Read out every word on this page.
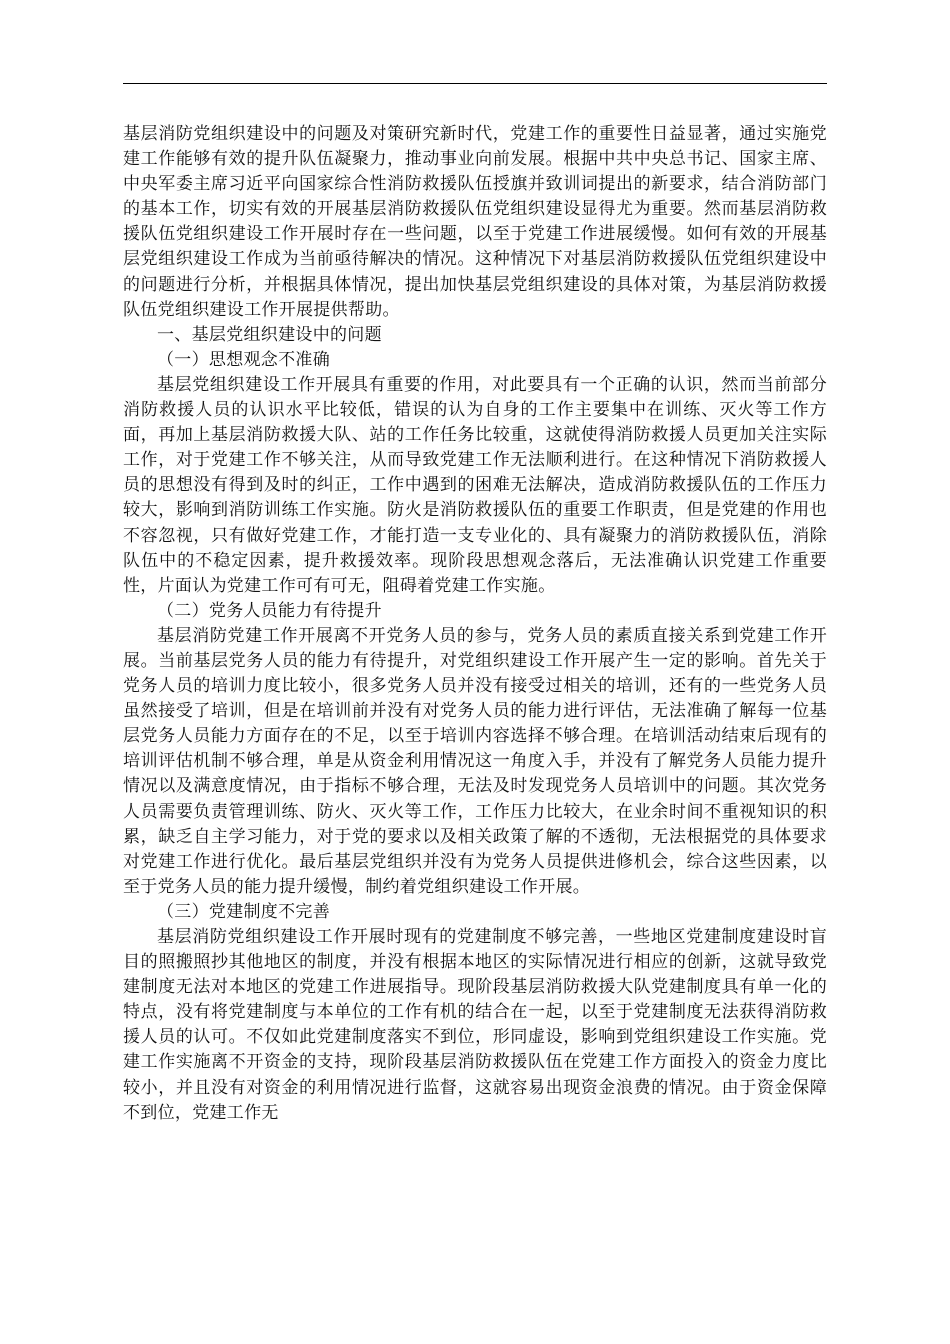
基层消防党组织建设中的问题及对策研究新时代，党建工作的重要性日益显著，通过实施党建工作能够有效的提升队伍凝聚力，推动事业向前发展。根据中共中央总书记、国家主席、中央军委主席习近平向国家综合性消防救援队伍授旗并致训词提出的新要求，结合消防部门的基本工作，切实有效的开展基层消防救援队伍党组织建设显得尤为重要。然而基层消防救援队伍党组织建设工作开展时存在一些问题，以至于党建工作进展缓慢。如何有效的开展基层党组织建设工作成为当前亟待解决的情况。这种情况下对基层消防救援队伍党组织建设中的问题进行分析，并根据具体情况，提出加快基层党组织建设的具体对策，为基层消防救援队伍党组织建设工作开展提供帮助。

一、基层党组织建设中的问题

（一）思想观念不准确

基层党组织建设工作开展具有重要的作用，对此要具有一个正确的认识，然而当前部分消防救援人员的认识水平比较低，错误的认为自身的工作主要集中在训练、灭火等工作方面，再加上基层消防救援大队、站的工作任务比较重，这就使得消防救援人员更加关注实际工作，对于党建工作不够关注，从而导致党建工作无法顺利进行。在这种情况下消防救援人员的思想没有得到及时的纠正，工作中遇到的困难无法解决，造成消防救援队伍的工作压力较大，影响到消防训练工作实施。防火是消防救援队伍的重要工作职责，但是党建的作用也不容忽视，只有做好党建工作，才能打造一支专业化的、具有凝聚力的消防救援队伍，消除队伍中的不稳定因素，提升救援效率。现阶段思想观念落后，无法准确认识党建工作重要性，片面认为党建工作可有可无，阻碍着党建工作实施。

（二）党务人员能力有待提升

基层消防党建工作开展离不开党务人员的参与，党务人员的素质直接关系到党建工作开展。当前基层党务人员的能力有待提升，对党组织建设工作开展产生一定的影响。首先关于党务人员的培训力度比较小，很多党务人员并没有接受过相关的培训，还有的一些党务人员虽然接受了培训，但是在培训前并没有对党务人员的能力进行评估，无法准确了解每一位基层党务人员能力方面存在的不足，以至于培训内容选择不够合理。在培训活动结束后现有的培训评估机制不够合理，单是从资金利用情况这一角度入手，并没有了解党务人员能力提升情况以及满意度情况，由于指标不够合理，无法及时发现党务人员培训中的问题。其次党务人员需要负责管理训练、防火、灭火等工作，工作压力比较大，在业余时间不重视知识的积累，缺乏自主学习能力，对于党的要求以及相关政策了解的不透彻，无法根据党的具体要求对党建工作进行优化。最后基层党组织并没有为党务人员提供进修机会，综合这些因素，以至于党务人员的能力提升缓慢，制约着党组织建设工作开展。

（三）党建制度不完善

基层消防党组织建设工作开展时现有的党建制度不够完善，一些地区党建制度建设时盲目的照搬照抄其他地区的制度，并没有根据本地区的实际情况进行相应的创新，这就导致党建制度无法对本地区的党建工作进展指导。现阶段基层消防救援大队党建制度具有单一化的特点，没有将党建制度与本单位的工作有机的结合在一起，以至于党建制度无法获得消防救援人员的认可。不仅如此党建制度落实不到位，形同虚设，影响到党组织建设工作实施。党建工作实施离不开资金的支持，现阶段基层消防救援队伍在党建工作方面投入的资金力度比较小，并且没有对资金的利用情况进行监督，这就容易出现资金浪费的情况。由于资金保障不到位，党建工作无
